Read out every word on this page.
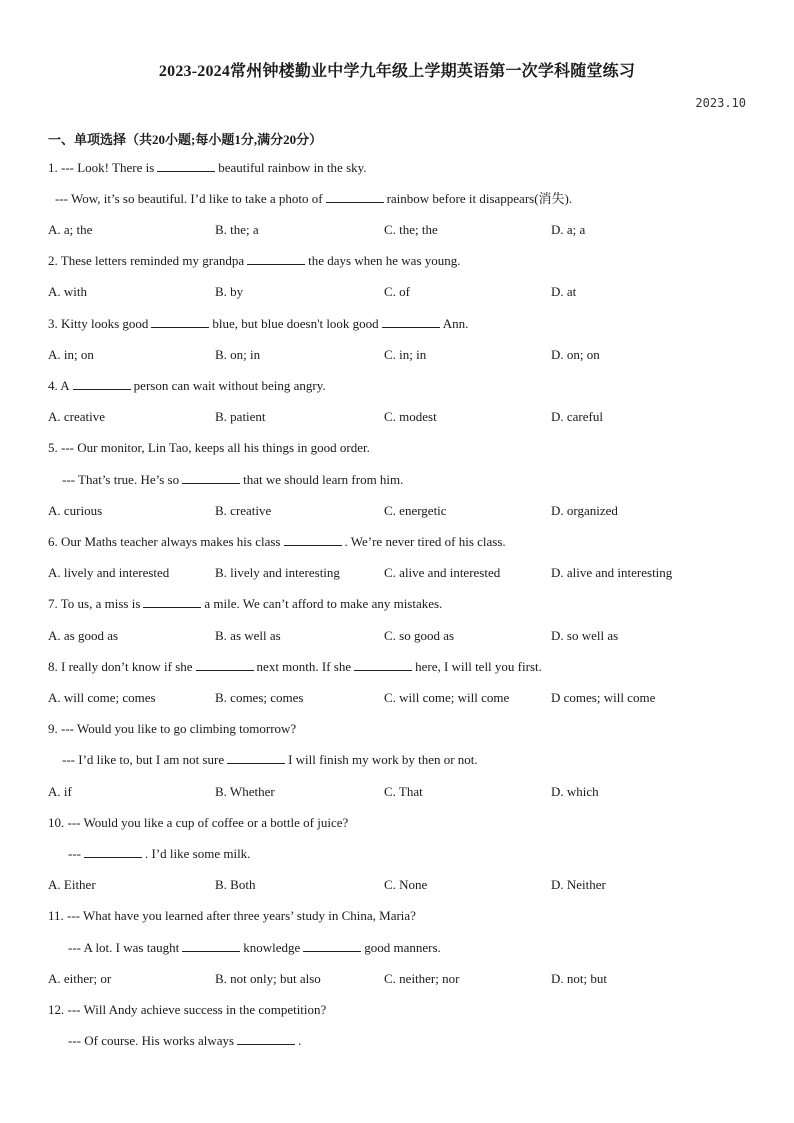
2023-2024常州钟楼勤业中学九年级上学期英语第一次学科随堂练习
2023.10
一、单项选择（共20小题;每小题1分,满分20分）
1. --- Look! There is	beautiful rainbow in the sky.
--- Wow, it’s so beautiful. I’d like to take a photo of	rainbow before it disappears(消失).
A. a; the	B. the; a	C. the; the	D. a; a
2. These letters reminded my grandpa	the days when he was young.
A. with	B. by	C. of	D. at
3. Kitty looks good	blue, but blue doesn't look good	Ann.
A. in; on	B. on; in	C. in; in	D. on; on
4. A	person can wait without being angry.
A. creative	B. patient	C. modest	D. careful
5. --- Our monitor, Lin Tao, keeps all his things in good order.
--- That’s true. He’s so	that we should learn from him.
A. curious	B. creative	C. energetic	D. organized
6. Our Maths teacher always makes his class	. We’re never tired of his class.
A. lively and interested	B. lively and interesting	C. alive and interested	D. alive and interesting
7. To us, a miss is	a mile. We can’t afford to make any mistakes.
A. as good as	B. as well as	C. so good as	D. so well as
8. I really don’t know if she	next month. If she	here, I will tell you first.
A. will come; comes	B. comes; comes	C. will come; will come	D comes; will come
9. --- Would you like to go climbing tomorrow?
--- I’d like to, but I am not sure	I will finish my work by then or not.
A. if	B. Whether	C. That	D. which
10. --- Would you like a cup of coffee or a bottle of juice?
---	. I’d like some milk.
A. Either	B. Both	C. None	D. Neither
11. --- What have you learned after three years’ study in China, Maria?
--- A lot. I was taught	knowledge	good manners.
A. either; or	B. not only; but also	C. neither; nor	D. not; but
12. --- Will Andy achieve success in the competition?
--- Of course. His works always	.
